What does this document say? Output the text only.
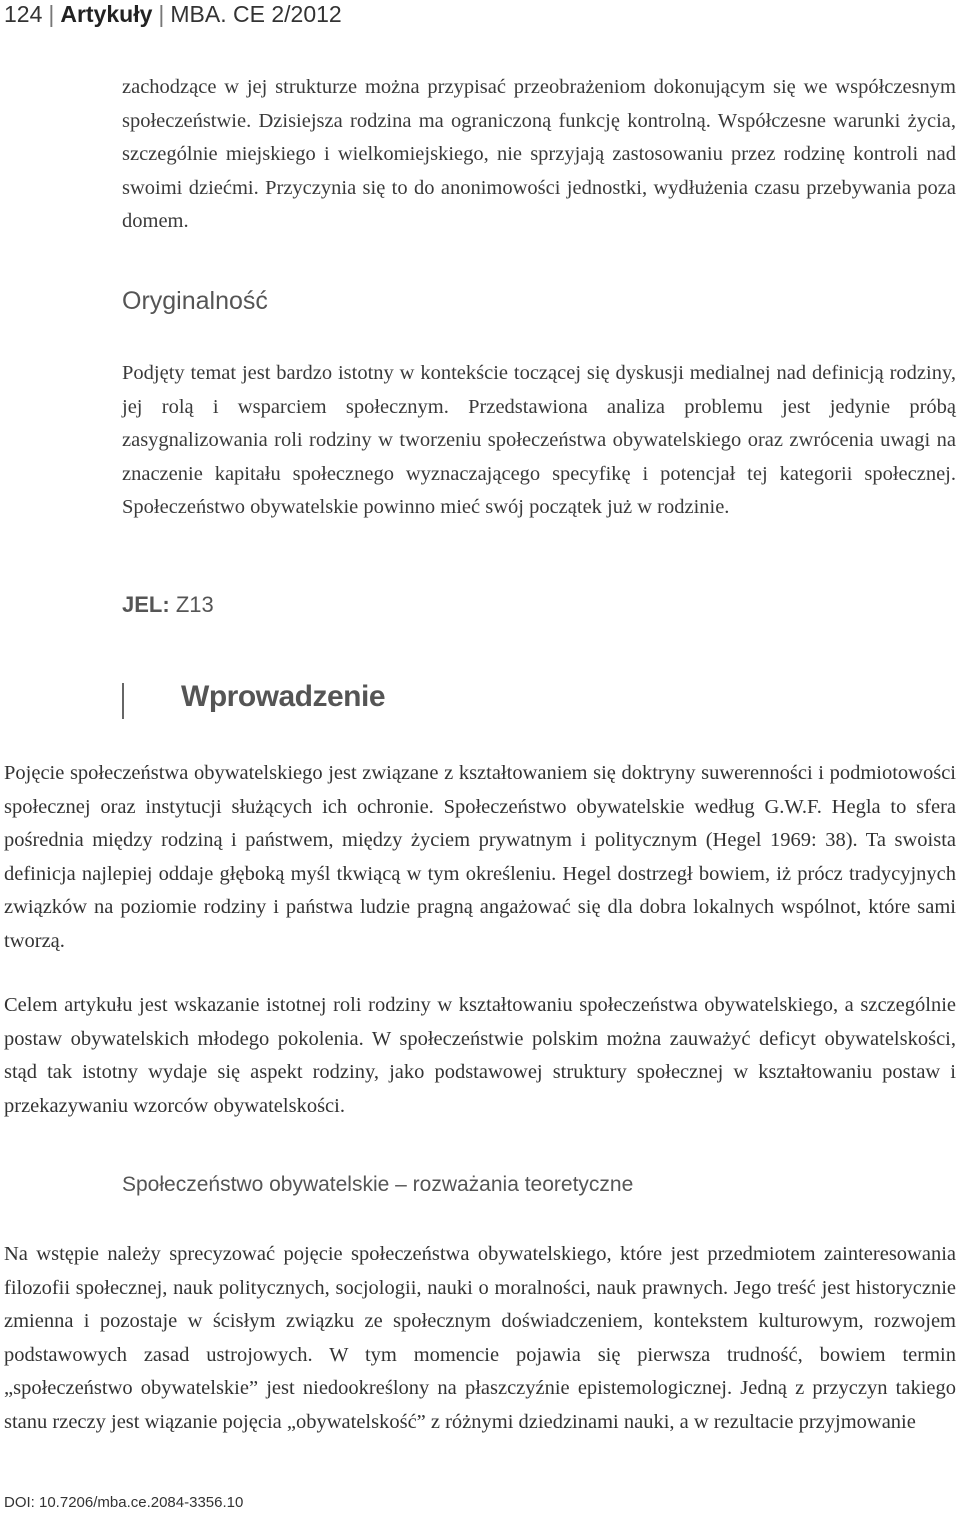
124 | Artykuły | MBA. CE 2/2012

zachodzące w jej strukturze można przypisać przeobrażeniom dokonującym się we współczesnym społeczeństwie. Dzisiejsza rodzina ma ograniczoną funkcję kontrolną. Współczesne warunki życia, szczególnie miejskiego i wielkomiejskiego, nie sprzyjają zastosowaniu przez rodzinę kontroli nad swoimi dziećmi. Przyczynia się to do anonimowości jednostki, wydłużenia czasu przebywania poza domem.

Oryginalność

Podjęty temat jest bardzo istotny w kontekście toczącej się dyskusji medialnej nad definicją rodziny, jej rolą i wsparciem społecznym. Przedstawiona analiza problemu jest jedynie próbą zasygnalizowania roli rodziny w tworzeniu społeczeństwa obywatelskiego oraz zwrócenia uwagi na znaczenie kapitału społecznego wyznaczającego specyfikę i potencjał tej kategorii społecznej. Społeczeństwo obywatelskie powinno mieć swój początek już w rodzinie.

JEL: Z13
Wprowadzenie

Pojęcie społeczeństwa obywatelskiego jest związane z kształtowaniem się doktryny suwerenności i podmiotowości społecznej oraz instytucji służących ich ochronie. Społeczeństwo obywatelskie według G.W.F. Hegla to sfera pośrednia między rodziną i państwem, między życiem prywatnym i politycznym (Hegel 1969: 38). Ta swoista definicja najlepiej oddaje głęboką myśl tkwiącą w tym określeniu. Hegel dostrzegł bowiem, iż prócz tradycyjnych związków na poziomie rodziny i państwa ludzie pragną angażować się dla dobra lokalnych wspólnot, które sami tworzą.

Celem artykułu jest wskazanie istotnej roli rodziny w kształtowaniu społeczeństwa obywatelskiego, a szczególnie postaw obywatelskich młodego pokolenia. W społeczeństwie polskim można zauważyć deficyt obywatelskości, stąd tak istotny wydaje się aspekt rodziny, jako podstawowej struktury społecznej w kształtowaniu postaw i przekazywaniu wzorców obywatelskości.

Społeczeństwo obywatelskie – rozważania teoretyczne

Na wstępie należy sprecyzować pojęcie społeczeństwa obywatelskiego, które jest przedmiotem zainteresowania filozofii społecznej, nauk politycznych, socjologii, nauki o moralności, nauk prawnych. Jego treść jest historycznie zmienna i pozostaje w ścisłym związku ze społecznym doświadczeniem, kontekstem kulturowym, rozwojem podstawowych zasad ustrojowych. W tym momencie pojawia się pierwsza trudność, bowiem termin „społeczeństwo obywatelskie” jest niedookreślony na płaszczyźnie epistemologicznej. Jedną z przyczyn takiego stanu rzeczy jest wiązanie pojęcia „obywatelskość” z różnymi dziedzinami nauki, a w rezultacie przyjmowanie

DOI: 10.7206/mba.ce.2084-3356.10
